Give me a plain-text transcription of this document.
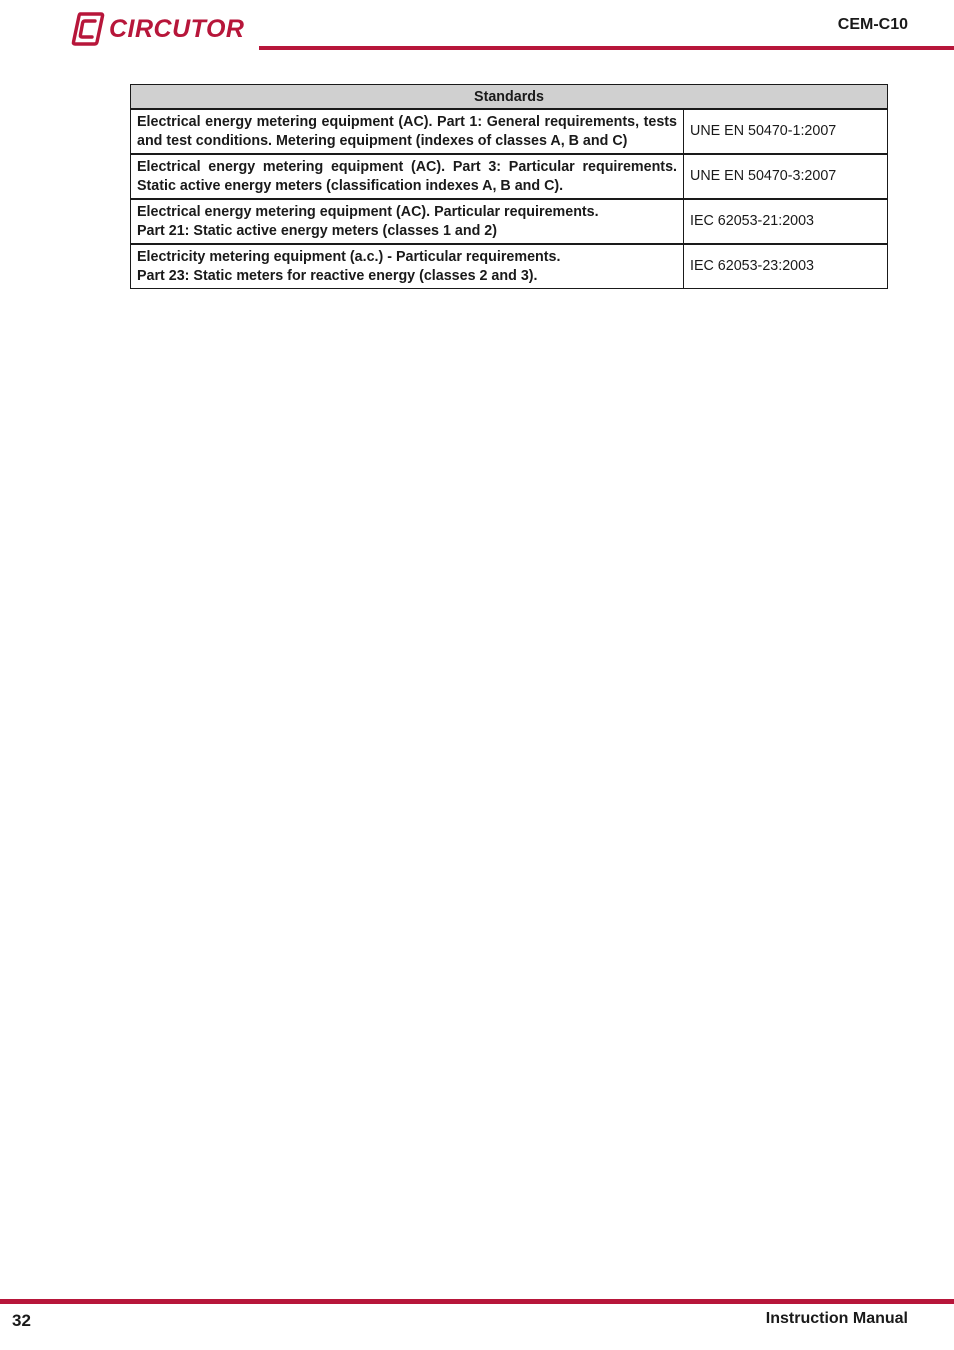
CIRCUTOR	CEM-C10
Standards	
Electrical energy metering equipment (AC). Part 1: General requirements, tests and test conditions. Metering equipment (indexes of classes A, B and C)	UNE EN 50470-1:2007
Electrical energy metering equipment (AC). Part 3: Particular requirements. Static active energy meters (classification indexes A, B and C).	UNE EN 50470-3:2007

Electrical energy metering equipment (AC). Particular requirements.
Part 21: Static active energy meters (classes 1 and 2)	IEC 62053-21:2003

Electricity metering equipment (a.c.) - Particular requirements.
Part 23: Static meters for reactive energy (classes 2 and 3).	IEC 62053-23:2003
32	Instruction Manual
